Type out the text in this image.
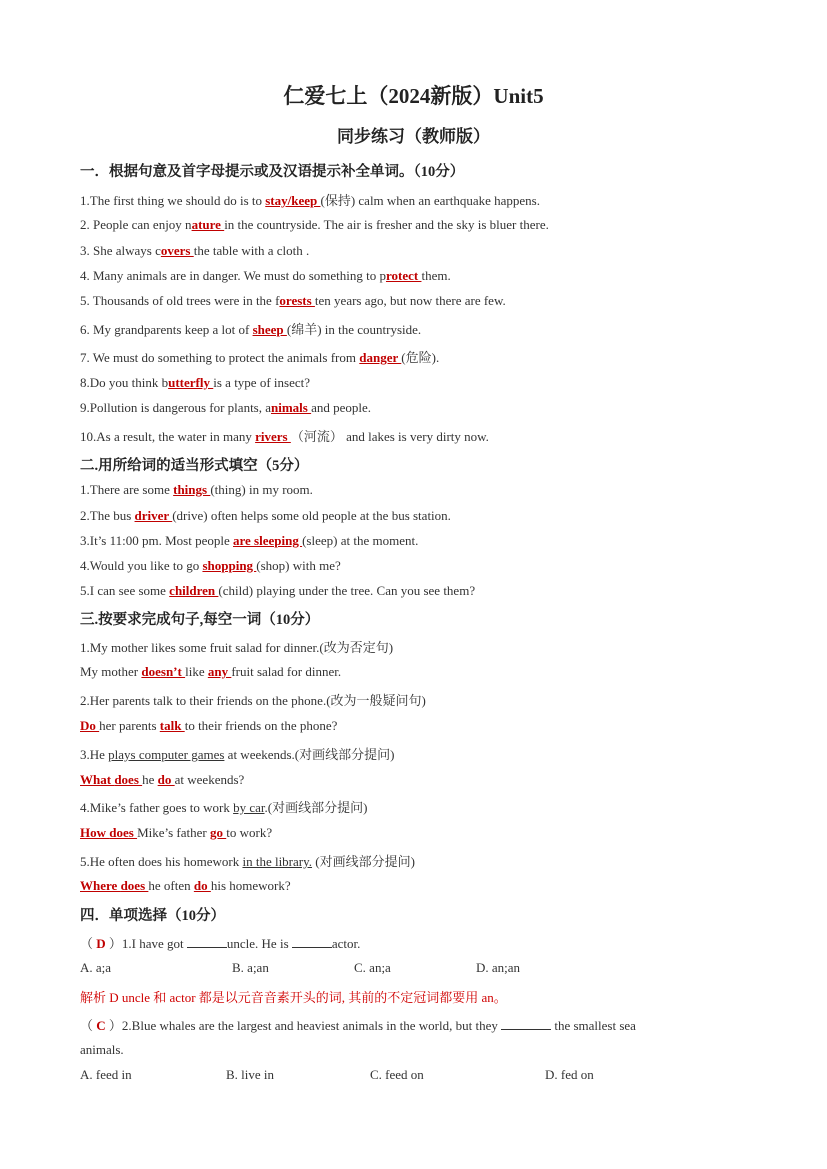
仁爱七上（2024新版）Unit5
同步练习（教师版）
一．根据句意及首字母提示或及汉语提示补全单词。（10分）
1.The first thing we should do is to stay/keep (保持) calm when an earthquake happens.
2. People can enjoy nature in the countryside. The air is fresher and the sky is bluer there.
3. She always covers the table with a cloth .
4. Many animals are in danger. We must do something to protect them.
5. Thousands of old trees were in the forests ten years ago, but now there are few.
6. My grandparents keep a lot of sheep (绵羊) in the countryside.
7. We must do something to protect the animals from danger (危险).
8.Do you think butterfly is a type of insect?
9.Pollution is dangerous for plants, animals and people.
10.As a result, the water in many rivers （河流） and lakes is very dirty now.
二.用所给词的适当形式填空（5分）
1.There are some things (thing) in my room.
2.The bus driver (drive) often helps some old people at the bus station.
3.It’s 11:00 pm. Most people are sleeping (sleep) at the moment.
4.Would you like to go shopping (shop) with me?
5.I can see some children (child) playing under the tree. Can you see them?
三.按要求完成句子,每空一词（10分）
1.My mother likes some fruit salad for dinner.(改为否定句)
My mother doesn’t like any fruit salad for dinner.
2.Her parents talk to their friends on the phone.(改为一般疑问句)
Do her parents talk to their friends on the phone?
3.He plays computer games at weekends.(对画线部分提问)
What does he do at weekends?
4.Mike’s father goes to work by car.(对画线部分提问)
How does Mike’s father go to work?
5.He often does his homework in the library. (对画线部分提问)
Where does he often do his homework?
四．单项选择（10分）
（ D ）1.I have got	uncle. He is	actor.
A. a;a	B. a;an	C. an;a	D. an;an
解析 D uncle 和 actor 都是以元音音素开头的词, 其前的不定冠词都要用 an。
（ C ）2.Blue whales are the largest and heaviest animals in the world, but they	the smallest sea
animals.
A. feed in	B. live in	C. feed on	D. fed on
